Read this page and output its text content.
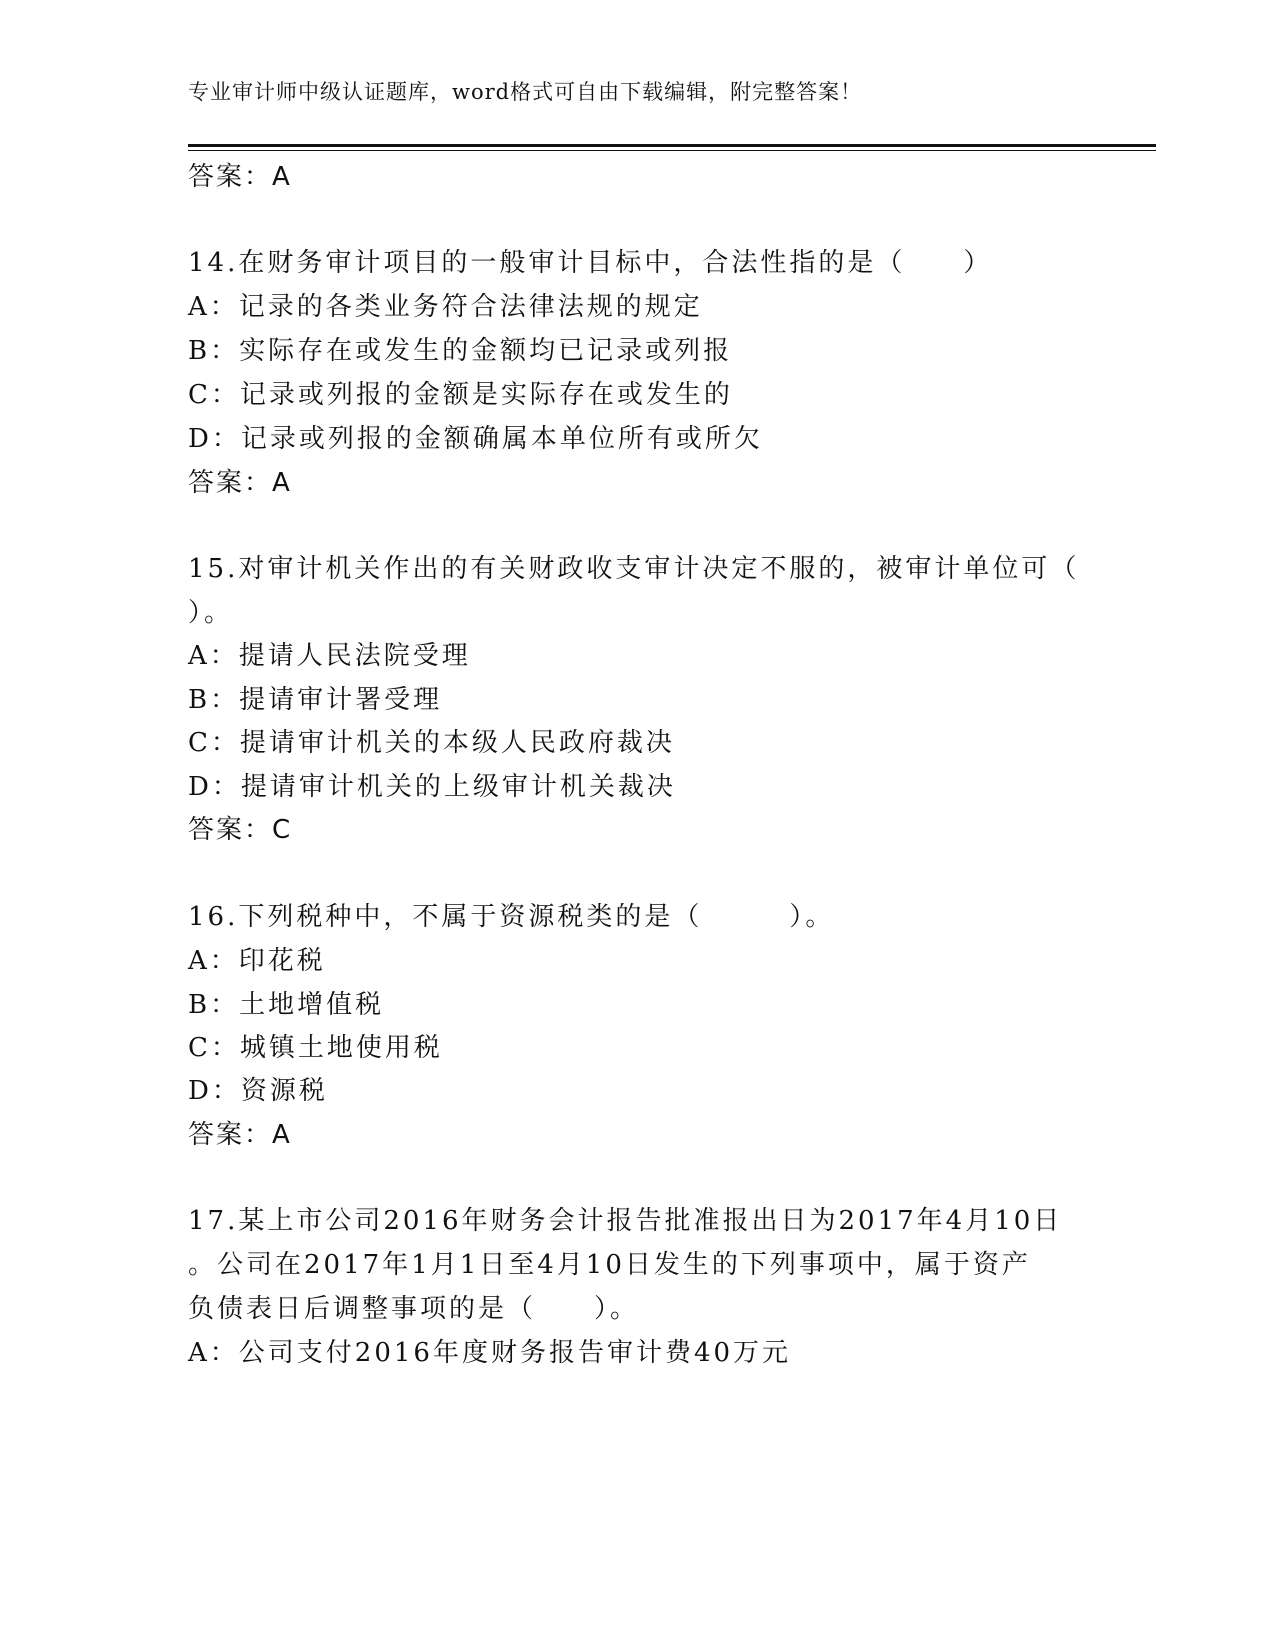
专业审计师中级认证题库，word格式可自由下载编辑，附完整答案！
答案：A
14.在财务审计项目的一般审计目标中，合法性指的是（　　）
A：记录的各类业务符合法律法规的规定
B：实际存在或发生的金额均已记录或列报
C：记录或列报的金额是实际存在或发生的
D：记录或列报的金额确属本单位所有或所欠
答案：A
15.对审计机关作出的有关财政收支审计决定不服的，被审计单位可（
）。
A：提请人民法院受理
B：提请审计署受理
C：提请审计机关的本级人民政府裁决
D：提请审计机关的上级审计机关裁决
答案：C
16.下列税种中，不属于资源税类的是（　　　）。
A：印花税
B：土地增值税
C：城镇土地使用税
D：资源税
答案：A
17.某上市公司2016年财务会计报告批准报出日为2017年4月10日
。公司在2017年1月1日至4月10日发生的下列事项中，属于资产
负债表日后调整事项的是（　　）。
A：公司支付2016年度财务报告审计费40万元
